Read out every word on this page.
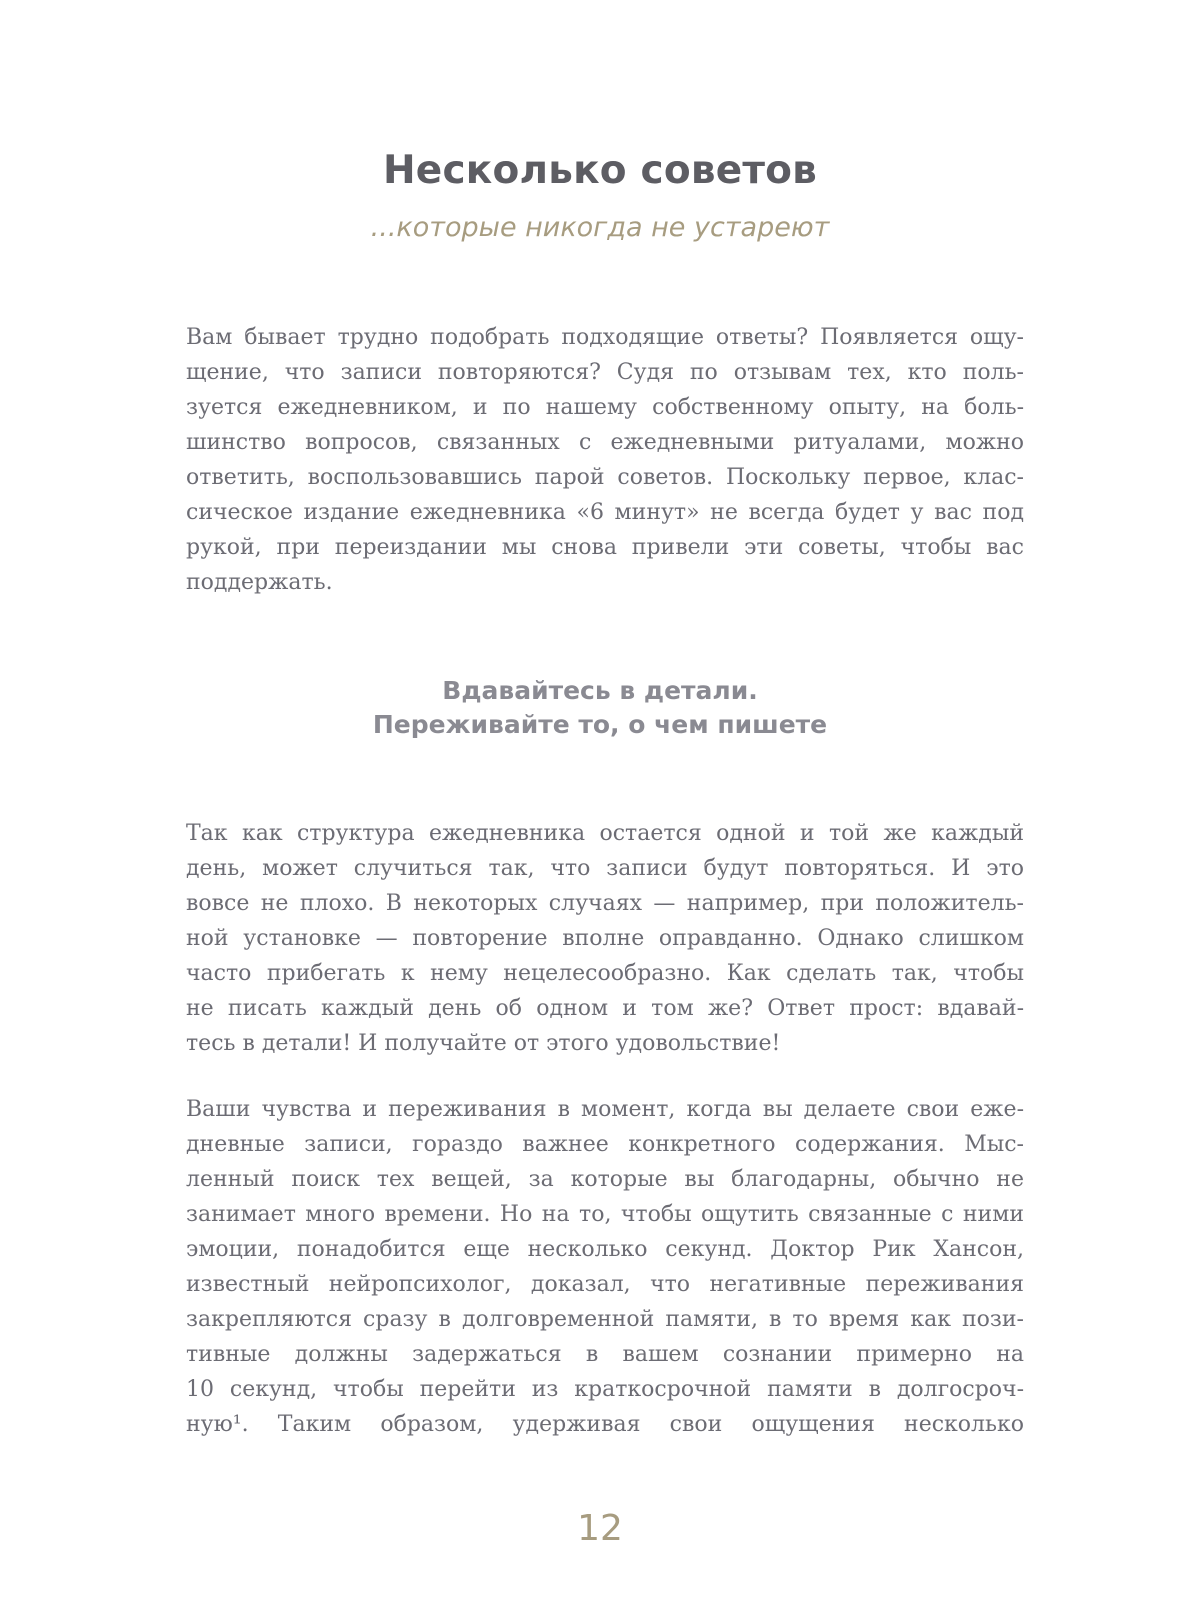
Несколько советов
...которые никогда не устареют
Вам бывает трудно подобрать подходящие ответы? Появляется ощу-
щение, что записи повторяются? Судя по отзывам тех, кто поль-
зуется ежедневником, и по нашему собственному опыту, на боль-
шинство вопросов, связанных с ежедневными ритуалами, можно
ответить, воспользовавшись парой советов. Поскольку первое, клас-
сическое издание ежедневника «6 минут» не всегда будет у вас под
рукой, при переиздании мы снова привели эти советы, чтобы вас
поддержать.
Вдавайтесь в детали.
Переживайте то, о чем пишете
Так как структура ежедневника остается одной и той же каждый
день, может случиться так, что записи будут повторяться. И это
вовсе не плохо. В некоторых случаях — например, при положитель-
ной установке — повторение вполне оправданно. Однако слишком
часто прибегать к нему нецелесообразно. Как сделать так, чтобы
не писать каждый день об одном и том же? Ответ прост: вдавай-
тесь в детали! И получайте от этого удовольствие!
Ваши чувства и переживания в момент, когда вы делаете свои еже-
дневные записи, гораздо важнее конкретного содержания. Мыс-
ленный поиск тех вещей, за которые вы благодарны, обычно не
занимает много времени. Но на то, чтобы ощутить связанные с ними
эмоции, понадобится еще несколько секунд. Доктор Рик Хансон,
известный нейропсихолог, доказал, что негативные переживания
закрепляются сразу в долговременной памяти, в то время как пози-
тивные должны задержаться в вашем сознании примерно на
10 секунд, чтобы перейти из краткосрочной памяти в долгосроч-
ную¹. Таким образом, удерживая свои ощущения несколько
12
